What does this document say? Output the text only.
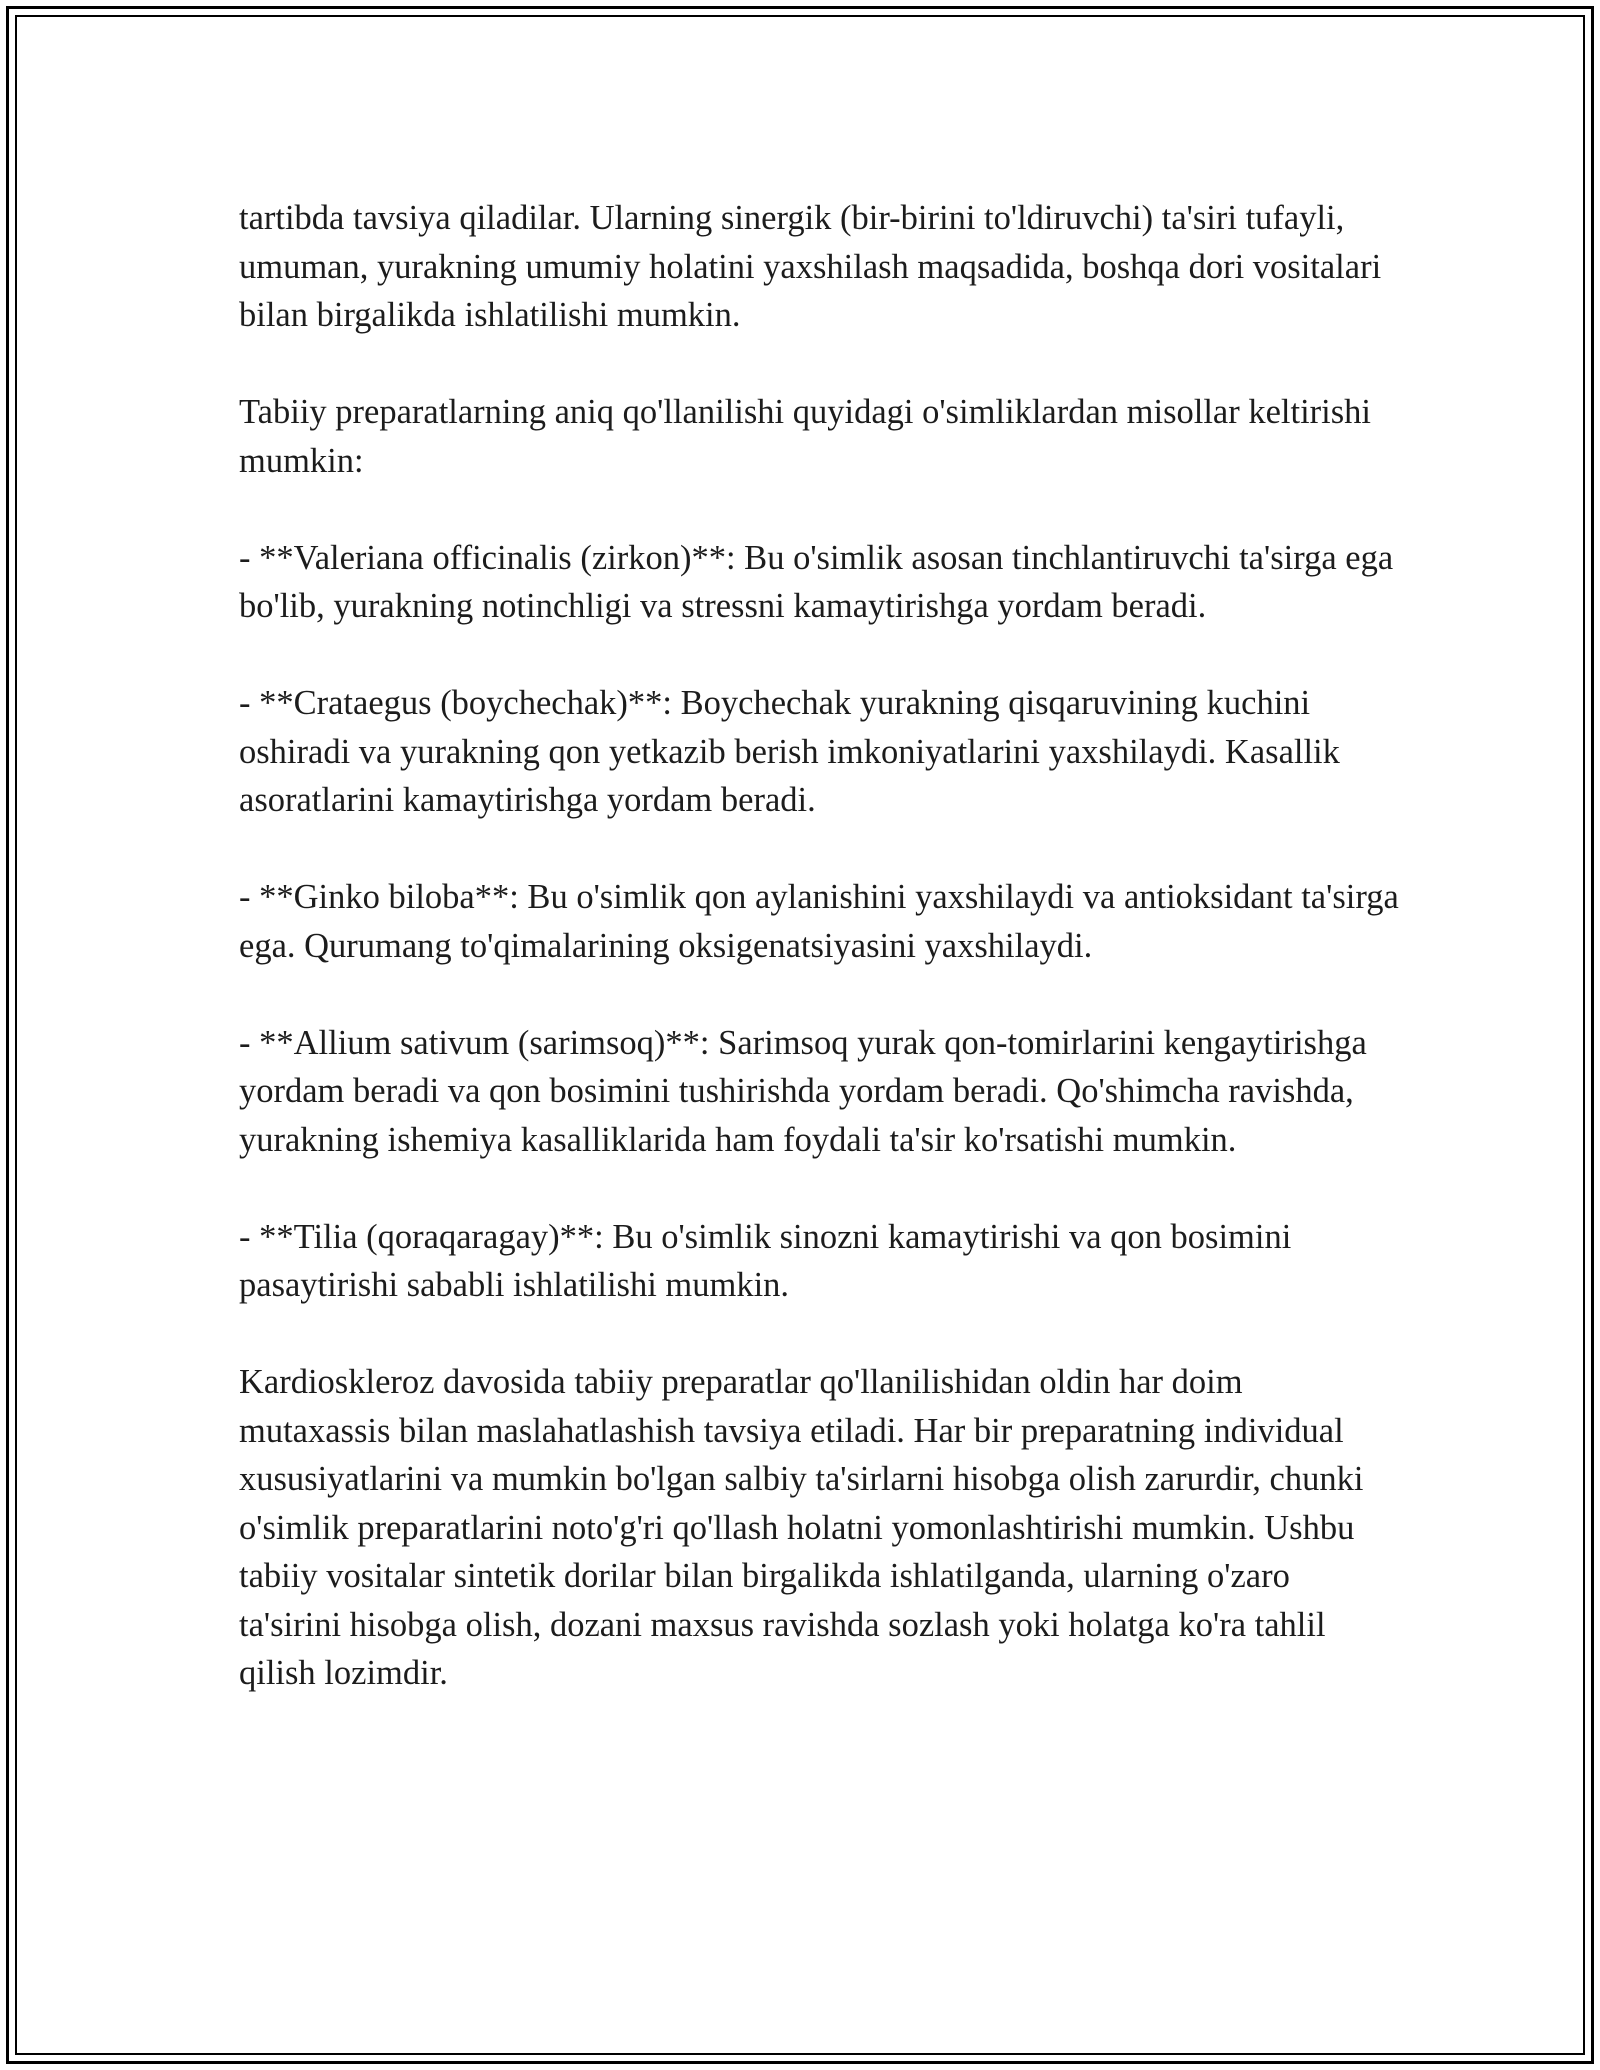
tartibda tavsiya qiladilar. Ularning sinergik (bir-birini to'ldiruvchi) ta'siri tufayli, umuman, yurakning umumiy holatini yaxshilash maqsadida, boshqa dori vositalari bilan birgalikda ishlatilishi mumkin.

Tabiiy preparatlarning aniq qo'llanilishi quyidagi o'simliklardan misollar keltirishi mumkin:

- **Valeriana officinalis (zirkon)**: Bu o'simlik asosan tinchlantiruvchi ta'sirga ega bo'lib, yurakning notinchligi va stressni kamaytirishga yordam beradi.

- **Crataegus (boychechak)**: Boychechak yurakning qisqaruvining kuchini oshiradi va yurakning qon yetkazib berish imkoniyatlarini yaxshilaydi. Kasallik asoratlarini kamaytirishga yordam beradi.

- **Ginko biloba**: Bu o'simlik qon aylanishini yaxshilaydi va antioksidant ta'sirga ega. Qurumang to'qimalarining oksigenatsiyasini yaxshilaydi.

- **Allium sativum (sarimsoq)**: Sarimsoq yurak qon-tomirlarini kengaytirishga yordam beradi va qon bosimini tushirishda yordam beradi. Qo'shimcha ravishda, yurakning ishemiya kasalliklarida ham foydali ta'sir ko'rsatishi mumkin.

- **Tilia (qoraqaragay)**: Bu o'simlik sinozni kamaytirishi va qon bosimini pasaytirishi sababli ishlatilishi mumkin.

Kardioskleroz davosida tabiiy preparatlar qo'llanilishidan oldin har doim mutaxassis bilan maslahatlashish tavsiya etiladi. Har bir preparatning individual xususiyatlarini va mumkin bo'lgan salbiy ta'sirlarni hisobga olish zarurdir, chunki o'simlik preparatlarini noto'g'ri qo'llash holatni yomonlashtirishi mumkin. Ushbu tabiiy vositalar sintetik dorilar bilan birgalikda ishlatilganda, ularning o'zaro ta'sirini hisobga olish, dozani maxsus ravishda sozlash yoki holatga ko'ra tahlil qilish lozimdir.
